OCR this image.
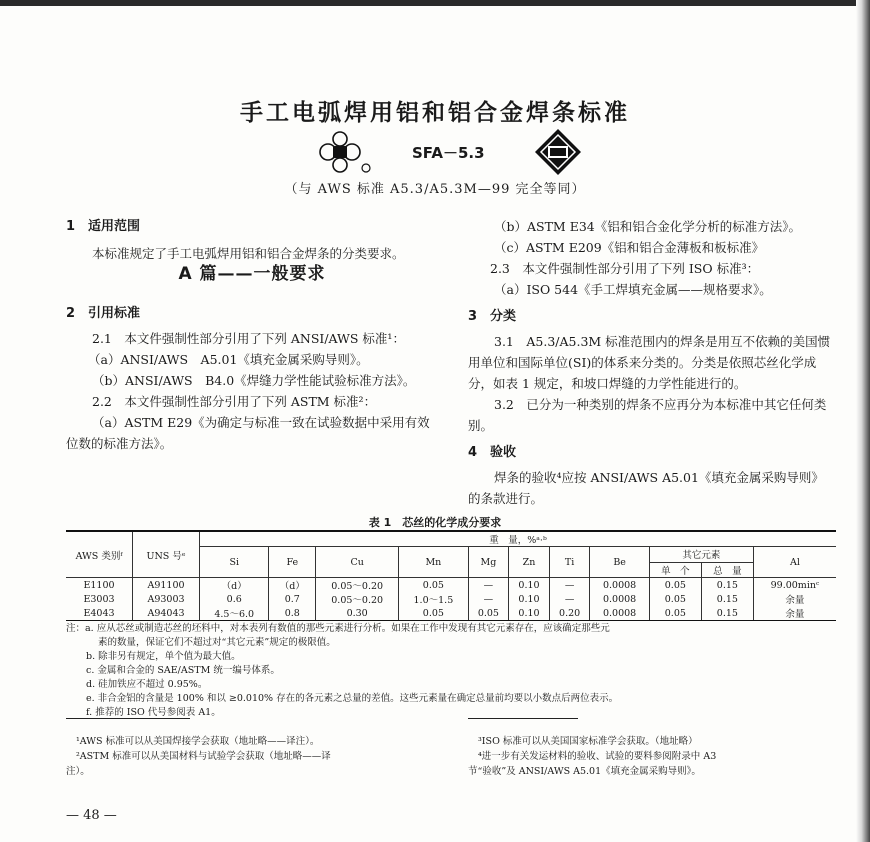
手工电弧焊用铝和铝合金焊条标准
SFA－5.3
（与 AWS 标准 A5.3/A5.3M—99 完全等同）

1　适用范围

本标准规定了手工电弧焊用铝和铝合金焊条的分类要求。

A 篇——一般要求

2　引用标准

2.1　本文件强制性部分引用了下列 ANSI/AWS 标准¹：

（a）ANSI/AWS　A5.01《填充金属采购导则》。

（b）ANSI/AWS　B4.0《焊缝力学性能试验标准方法》。

2.2　本文件强制性部分引用了下列 ASTM 标准²：

（a）ASTM E29《为确定与标准一致在试验数据中采用有效位数的标准方法》。

（b）ASTM E34《铝和铝合金化学分析的标准方法》。

（c）ASTM E209《铝和铝合金薄板和板标准》

2.3　本文件强制性部分引用了下列 ISO 标准³：

（a）ISO 544《手工焊填充金属——规格要求》。

3　分类

3.1　A5.3/A5.3M 标准范围内的焊条是用互不依赖的美国惯用单位和国际单位(SI)的体系来分类的。分类是依照芯丝化学成分，如表 1 规定，和坡口焊缝的力学性能进行的。

3.2　已分为一种类别的焊条不应再分为本标准中其它任何类别。

4　验收

焊条的验收⁴应按 ANSI/AWS A5.01《填充金属采购导则》的条款进行。

表 1　芯丝的化学成分要求
AWS 类别ᶠ	UNS 号ᵉ	重　量，%ᵃ·ᵇ										
		Si	Fe	Cu	Mn	Mg	Zn	Ti	Be	其它元素		Al
										单　个	总　量	
E1100	A91100	（d）	（d）	0.05～0.20	0.05	—	0.10	—	0.0008	0.05	0.15	99.00minᶜ
E3003	A93003	0.6	0.7	0.05～0.20	1.0～1.5	—	0.10	—	0.0008	0.05	0.15	余量
E4043	A94043	4.5～6.0	0.8	0.30	0.05	0.05	0.10	0.20	0.0008	0.05	0.15	余量

注：a. 应从芯丝或制造芯丝的坯料中，对本表列有数值的那些元素进行分析。如果在工作中发现有其它元素存在，应该确定那些元

素的数量，保证它们不超过对“其它元素”规定的极限值。

b. 除非另有规定，单个值为最大值。

c. 金属和合金的 SAE/ASTM 统一编号体系。

d. 硅加铁应不超过 0.95%。

e. 非合金铝的含量是 100% 和以 ≥0.010% 存在的各元素之总量的差值。这些元素量在确定总量前均要以小数点后两位表示。

f. 推荐的 ISO 代号参阅表 A1。

¹AWS 标准可以从美国焊接学会获取（地址略——译注）。

²ASTM 标准可以从美国材料与试验学会获取（地址略——译

注）。

³ISO 标准可以从美国国家标准学会获取。（地址略）

⁴进一步有关发运材料的验收、试验的要料参阅附录中 A3

节“验收”及 ANSI/AWS A5.01《填充金属采购导则》。

— 48 —
